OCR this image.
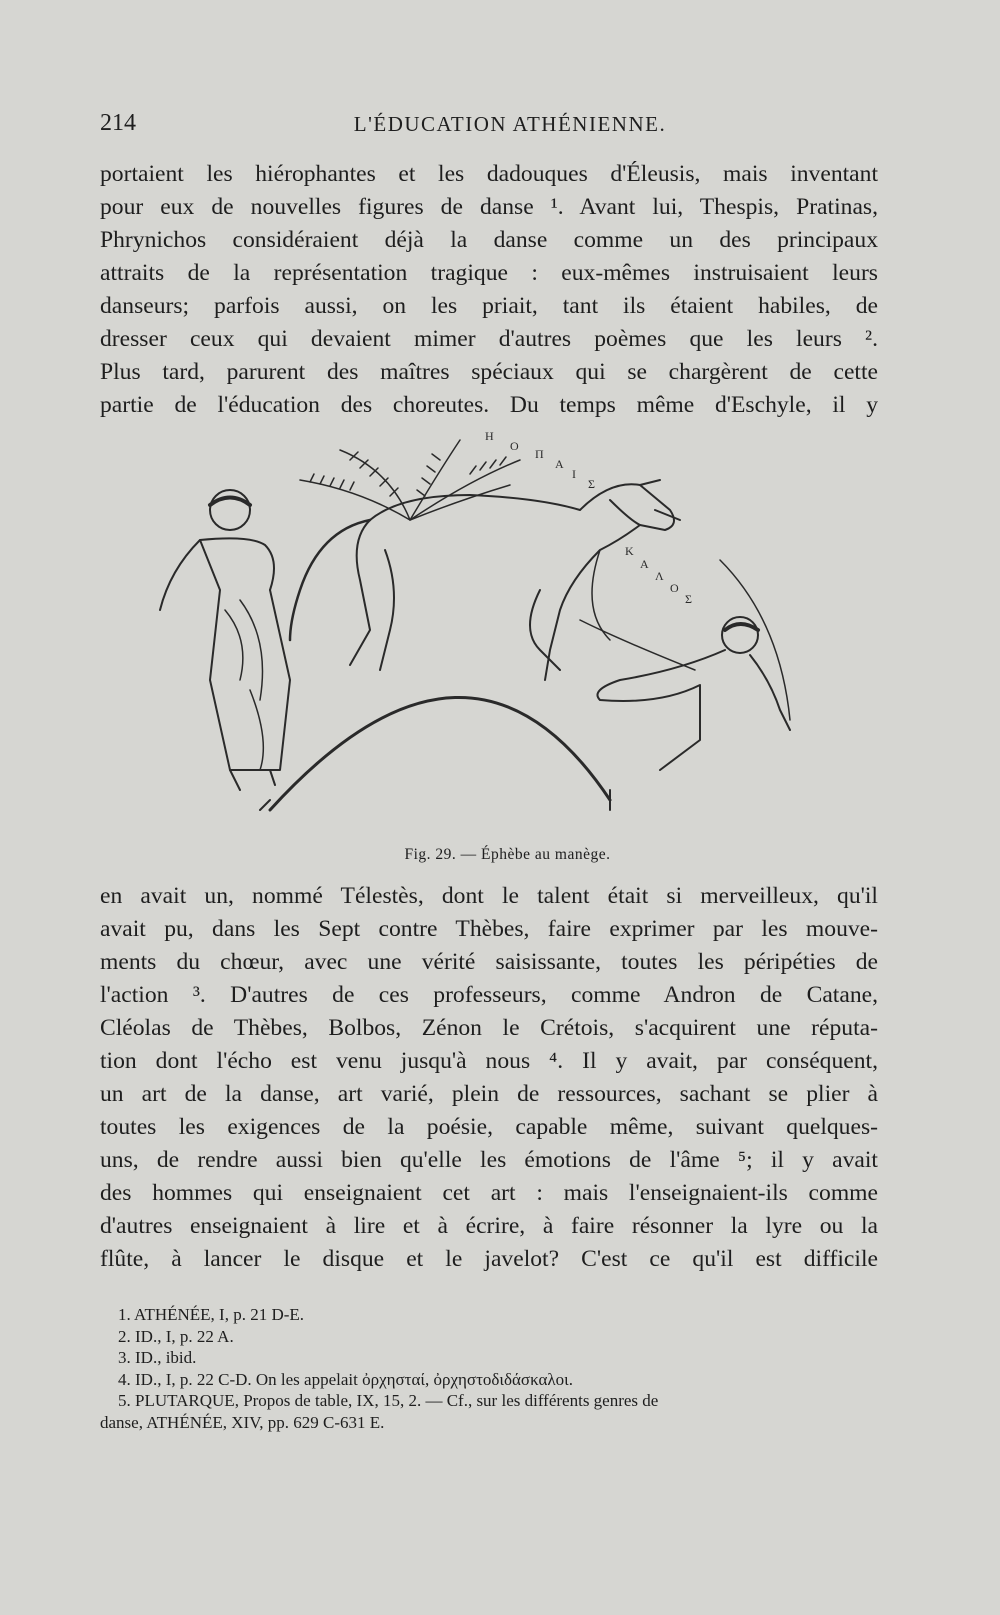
214	L'ÉDUCATION ATHÉNIENNE.
portaient les hiérophantes et les dadouques d'Éleusis, mais inventant
pour eux de nouvelles figures de danse ¹. Avant lui, Thespis, Pratinas,
Phrynichos considéraient déjà la danse comme un des principaux
attraits de la représentation tragique : eux-mêmes instruisaient leurs
danseurs; parfois aussi, on les priait, tant ils étaient habiles, de
dresser ceux qui devaient mimer d'autres poèmes que les leurs ².
Plus tard, parurent des maîtres spéciaux qui se chargèrent de cette
partie de l'éducation des choreutes. Du temps même d'Eschyle, il y
Η
Ο
Π
Α
Ι
Σ
Κ
Α
Λ
Ο
Σ
Fig. 29. — Éphèbe au manège.
en avait un, nommé Télestès, dont le talent était si merveilleux, qu'il
avait pu, dans les Sept contre Thèbes, faire exprimer par les mouve-
ments du chœur, avec une vérité saisissante, toutes les péripéties de
l'action ³. D'autres de ces professeurs, comme Andron de Catane,
Cléolas de Thèbes, Bolbos, Zénon le Crétois, s'acquirent une réputa-
tion dont l'écho est venu jusqu'à nous ⁴. Il y avait, par conséquent,
un art de la danse, art varié, plein de ressources, sachant se plier à
toutes les exigences de la poésie, capable même, suivant quelques-
uns, de rendre aussi bien qu'elle les émotions de l'âme ⁵; il y avait
des hommes qui enseignaient cet art : mais l'enseignaient-ils comme
d'autres enseignaient à lire et à écrire, à faire résonner la lyre ou la
flûte, à lancer le disque et le javelot? C'est ce qu'il est difficile
1. ATHÉNÉE, I, p. 21 D-E.
2. ID., I, p. 22 A.
3. ID., ibid.
4. ID., I, p. 22 C-D. On les appelait ὀρχησταί, ὀρχηστοδιδάσκαλοι.
5. PLUTARQUE, Propos de table, IX, 15, 2. — Cf., sur les différents genres de
danse, ATHÉNÉE, XIV, pp. 629 C-631 E.
